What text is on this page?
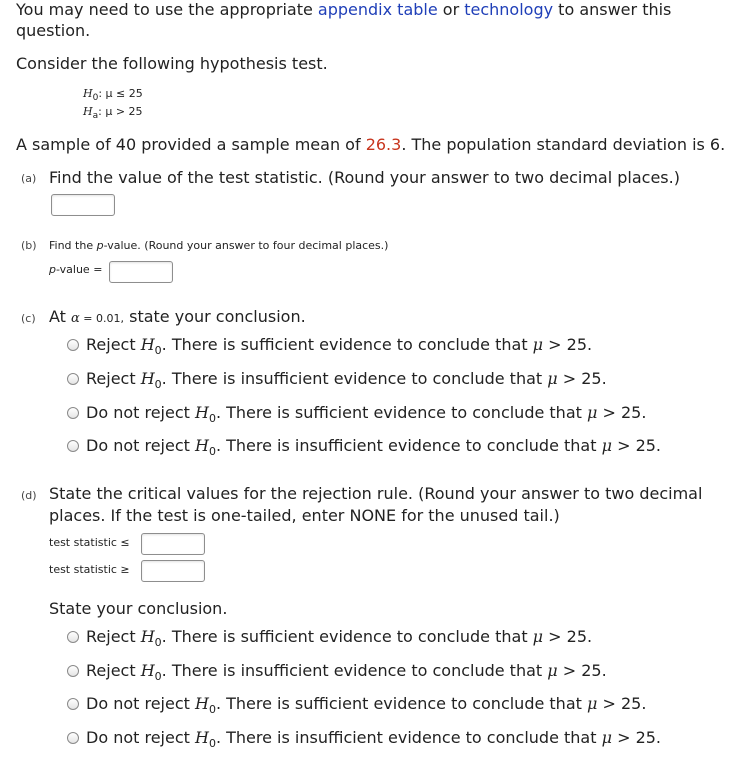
You may need to use the appropriate appendix table or technology to answer this
question.
Consider the following hypothesis test.
$H_0$: μ ≤ 25
$H_a$: μ > 25
A sample of 40 provided a sample mean of 26.3. The population standard deviation is 6.
(a) Find the value of the test statistic. (Round your answer to two decimal places.)
(b) Find the p-value. (Round your answer to four decimal places.)
p-value =
(c) At α = 0.01, state your conclusion.
Reject $H_0$. There is sufficient evidence to conclude that μ > 25.
Reject $H_0$. There is insufficient evidence to conclude that μ > 25.
Do not reject $H_0$. There is sufficient evidence to conclude that μ > 25.
Do not reject $H_0$. There is insufficient evidence to conclude that μ > 25.
(d) State the critical values for the rejection rule. (Round your answer to two decimal
places. If the test is one-tailed, enter NONE for the unused tail.)
test statistic ≤
test statistic ≥
State your conclusion.
Reject $H_0$. There is sufficient evidence to conclude that μ > 25.
Reject $H_0$. There is insufficient evidence to conclude that μ > 25.
Do not reject $H_0$. There is sufficient evidence to conclude that μ > 25.
Do not reject $H_0$. There is insufficient evidence to conclude that μ > 25.
